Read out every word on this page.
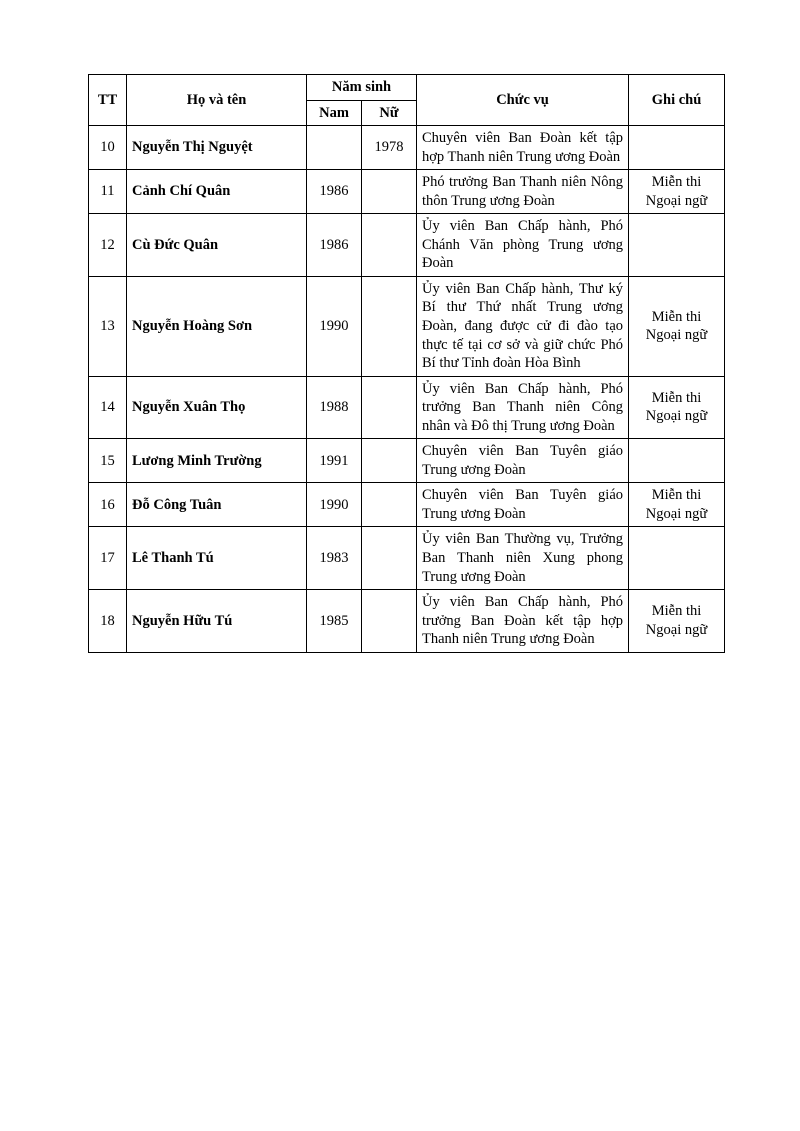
TT	Họ và tên	Năm sinh		Chức vụ	Ghi chú
		Nam	Nữ		
10	Nguyễn Thị Nguyệt		1978	Chuyên viên Ban Đoàn kết tập hợp Thanh niên Trung ương Đoàn	

11	Cảnh Chí Quân	1986		Phó trưởng Ban Thanh niên Nông thôn Trung ương Đoàn	Miễn thi
Ngoại ngữ

12	Cù Đức Quân	1986		Ủy viên Ban Chấp hành, Phó Chánh Văn phòng Trung ương Đoàn	

13	Nguyễn Hoàng Sơn	1990		Ủy viên Ban Chấp hành, Thư ký Bí thư Thứ nhất Trung ương Đoàn, đang được cử đi đào tạo thực tế tại cơ sở và giữ chức Phó Bí thư Tỉnh đoàn Hòa Bình	Miễn thi
Ngoại ngữ

14	Nguyễn Xuân Thọ	1988		Ủy viên Ban Chấp hành, Phó trưởng Ban Thanh niên Công nhân và Đô thị Trung ương Đoàn	Miễn thi
Ngoại ngữ

15	Lương Minh Trường	1991		Chuyên viên Ban Tuyên giáo Trung ương Đoàn	

16	Đỗ Công Tuân	1990		Chuyên viên Ban Tuyên giáo Trung ương Đoàn	Miễn thi
Ngoại ngữ

17	Lê Thanh Tú	1983		Ủy viên Ban Thường vụ, Trưởng Ban Thanh niên Xung phong Trung ương Đoàn	

18	Nguyễn Hữu Tú	1985		Ủy viên Ban Chấp hành, Phó trưởng Ban Đoàn kết tập hợp Thanh niên Trung ương Đoàn	Miễn thi
Ngoại ngữ
